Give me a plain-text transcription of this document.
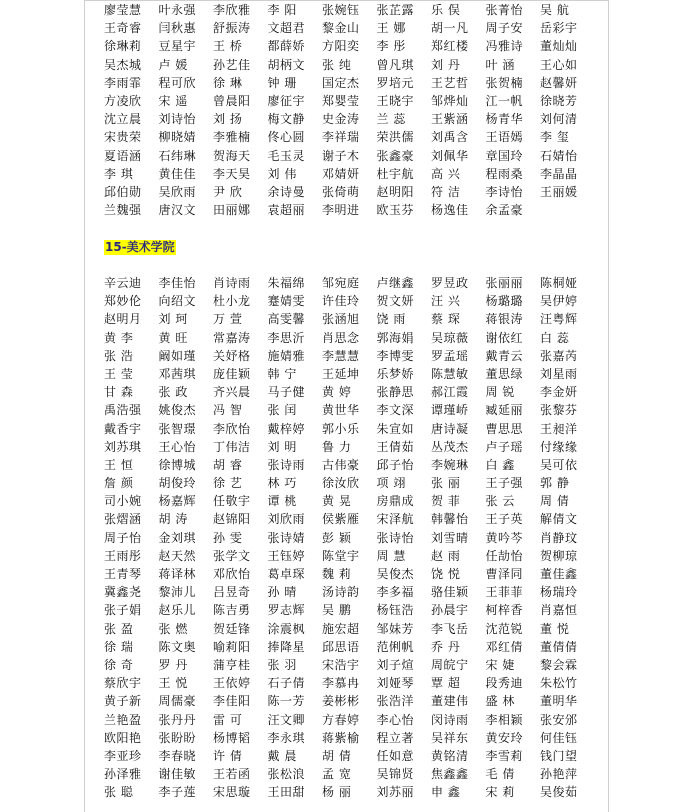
廖莹慧	叶永强	李欣雅	李 阳	张婉钰	张芷露	乐 俣	张菁怡	吴 航
王奇睿	闫秋惠	舒振涛	文超君	黎金山	王 娜	胡一凡	周子安	岳彩宇
徐琳莉	豆星宇	王 桥	都薛娇	方阳奕	李 彤	郑红楼	冯雅诗	董灿灿
吴杰城	卢 媛	孙艺佳	胡柄文	张 纯	曾凡琪	刘 丹	叶 涵	王心如
李雨霏	程可欣	徐 琳	钟 珊	国定杰	罗培元	王艺哲	张贺楠	赵馨妍
方凌欣	宋 遥	曾晨阳	廖征宇	郑婴莹	王晓宇	邹烨灿	江一帆	徐晓芳
沈立晨	刘诗怡	刘 扬	梅文静	史金涛	兰 蕊	王紫涵	杨青华	刘何清
宋贵荣	柳晓婧	李雅楠	佟心圆	李祥瑞	荣洪儒	刘禹含	王语嫣	李 玺
夏语涵	石纬琳	贺海天	毛玉灵	谢子木	张鑫豪	刘佩华	章国玲	石婧怡
李 琪	黄佳佳	李天昊	刘 伟	邓婧妍	杜宇航	高 兴	程雨桑	李晶晶
邱伯勋	吴欣雨	尹 欣	余诗曼	张倚萌	赵明阳	符 洁	李诗怡	王丽媛
兰魏强	唐汉文	田丽娜	袁超丽	李明进	欧玉芬	杨逸佳	余孟豪
15-美术学院
辛云迪	李佳怡	肖诗雨	朱福绵	邹宛庭	卢继鑫	罗昱政	张丽丽	陈桐娅
郑妙伦	向绍文	杜小龙	蹇婧雯	许佳玲	贺文妍	汪 兴	杨璐璐	吴伊婷
赵明月	刘 珂	万 萱	高雯馨	张涵旭	饶 雨	蔡 琛	蒋银涛	汪粤辉
黄 李	黄 旺	常嘉涛	李思沂	肖思念	郭海娟	吴琼薇	谢依红	白 蕊
张 浩	阚如瑾	关妤格	施婧雅	李慧慧	李博雯	罗孟瑶	戴青云	张嘉芮
王 莹	邓茜琪	庞佳颖	韩 宁	王延坤	乐梦娇	陈慧敏	董思绿	刘星雨
甘 森	张 政	齐兴晨	马子健	黄 婷	张静思	郝江霞	周 锐	李金妍
禹浩强	姚俊杰	冯 智	张 闰	黄世华	李文深	谭瑾峤	臧延丽	张黎芬
戴香宇	张智璟	李欣怡	戴梓婷	郭小乐	朱宣如	唐诗凝	曹思思	王昶洋
刘苏琪	王心怡	丁伟洁	刘 明	鲁 力	王倩茹	丛茂杰	卢子瑶	付缘缘
王 恒	徐博城	胡 睿	张诗雨	古伟豪	邱子怡	李婉琳	白 鑫	吴可依
詹 颜	胡俊玲	徐 艺	林 巧	徐汝欣	项 翊	张 丽	王子强	郭 静
司小婉	杨嘉辉	任敬宇	谭 桃	黄 晃	房鼎成	贺 菲	张 云	周 倩
张熠涵	胡 涛	赵锦阳	刘欣雨	侯紫雁	宋泽航	韩馨怡	王子英	解倩文
周子怡	金刘琪	孙 雯	张诗婧	彭 颖	张诗怡	刘雪晴	黄吟芩	肖静玟
王雨彤	赵天然	张学文	王钰婷	陈堂宇	周 慧	赵 雨	任劼怡	贺柳琼
王青琴	蒋译林	邓欣怡	葛卓琛	魏 莉	吴俊杰	饶 悦	曹泽同	董佳鑫
冀鑫尧	黎沛儿	吕昱奇	孙 晴	汤诗韵	李多福	骆佳颖	王菲菲	杨瑞玲
张子娟	赵乐儿	陈吉勇	罗志辉	吴 鹏	杨钰浩	孙晨宇	柯梓香	肖嘉恒
张 盈	张 燃	贺廷锋	涂震枫	施宏超	邹妹芳	李飞岳	沈范锐	董 悦
徐 瑞	陈文奥	喻莉阳	捧降星	邱思语	范俐帆	乔 丹	邓红倩	董倩倩
徐 奇	罗 丹	蒲亨桂	张 羽	宋浩宇	刘子煊	周皖宁	宋 婕	黎会霖
蔡欣宇	王 悦	王依婷	石子倩	李慕冉	刘娅琴	覃 超	段秀迪	朱松竹
黄子新	周儒豪	李佳阳	陈一芳	姜彬彬	张浩洋	董建伟	盛 林	董明华
兰艳盈	张丹丹	雷 可	汪文卿	方春婷	李心怡	闵诗雨	李相颖	张安邠
欧阳艳	张盼盼	杨博韬	李永琪	蒋紫榆	程立著	吴祥东	黄安玲	何佳钰
李亚珍	李春晓	许 倩	戴 晨	胡 倩	任如意	黄铭清	李雪莉	钱门望
孙泽雅	谢佳敏	王若函	张松浪	孟 宽	吴锦贤	焦鑫鑫	毛 倩	孙艳萍
张 聪	李子莲	宋思璇	王田甜	杨 丽	刘苏丽	申 鑫	宋 莉	吴俊茹
